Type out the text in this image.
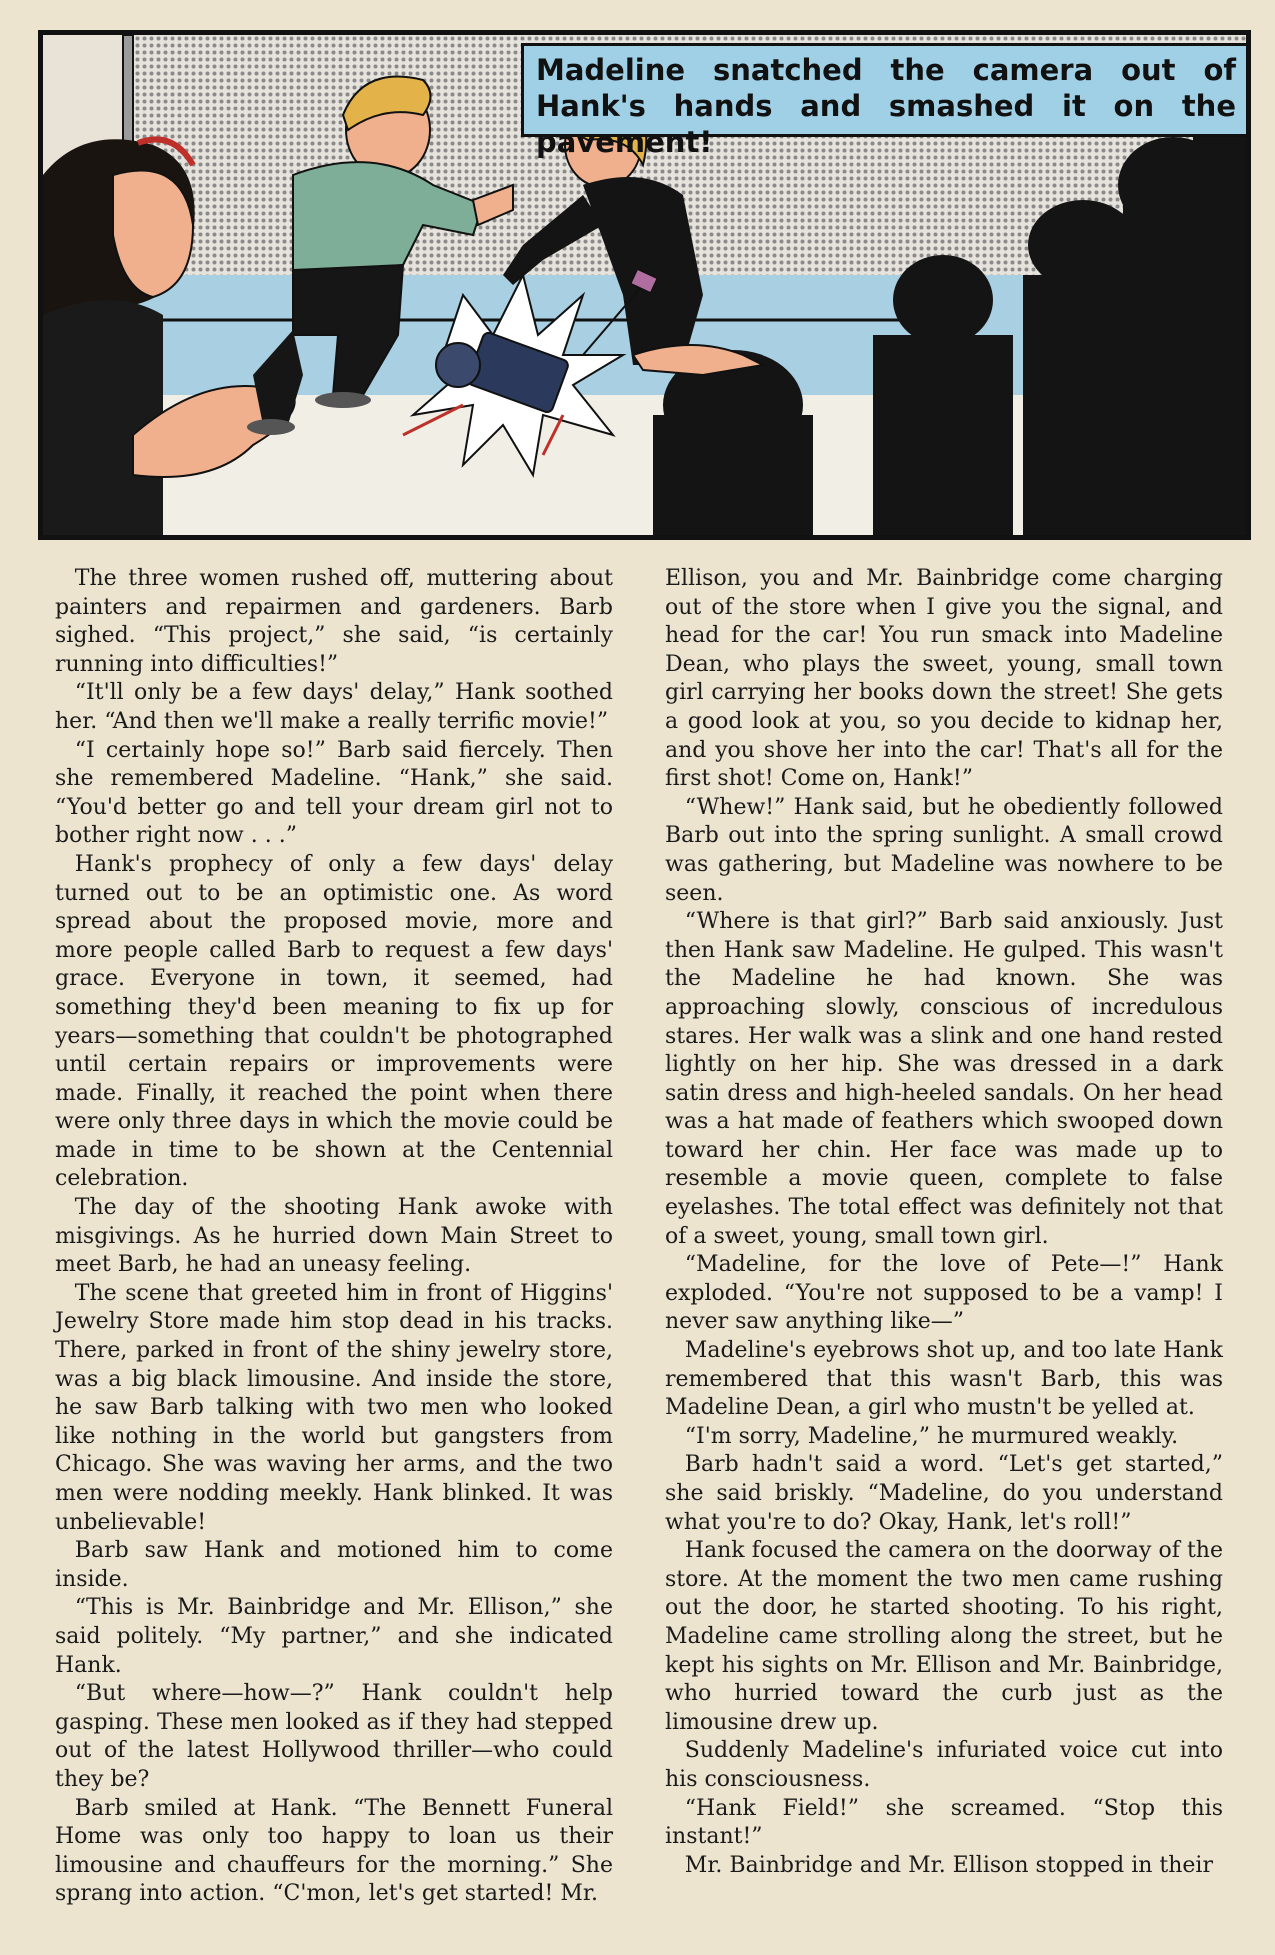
Madeline snatched the camera out of Hank's hands and smashed it on the pavement!

The three women rushed off, muttering about painters and repairmen and gardeners. Barb sighed. “This project,” she said, “is certainly running into difficulties!”

“It'll only be a few days' delay,” Hank soothed her. “And then we'll make a really terrific movie!”

“I certainly hope so!” Barb said fiercely. Then she remembered Madeline. “Hank,” she said. “You'd better go and tell your dream girl not to bother right now . . .”

Hank's prophecy of only a few days' delay turned out to be an optimistic one. As word spread about the proposed movie, more and more people called Barb to request a few days' grace. Everyone in town, it seemed, had something they'd been meaning to fix up for years—something that couldn't be photographed until certain repairs or improvements were made. Finally, it reached the point when there were only three days in which the movie could be made in time to be shown at the Centennial celebration.

The day of the shooting Hank awoke with misgivings. As he hurried down Main Street to meet Barb, he had an uneasy feeling.

The scene that greeted him in front of Higgins' Jewelry Store made him stop dead in his tracks. There, parked in front of the shiny jewelry store, was a big black limousine. And inside the store, he saw Barb talking with two men who looked like nothing in the world but gangsters from Chicago. She was waving her arms, and the two men were nodding meekly. Hank blinked. It was unbelievable!

Barb saw Hank and motioned him to come inside.

“This is Mr. Bainbridge and Mr. Ellison,” she said politely. “My partner,” and she indicated Hank.

“But where—how—?” Hank couldn't help gasping. These men looked as if they had stepped out of the latest Hollywood thriller—who could they be?

Barb smiled at Hank. “The Bennett Funeral Home was only too happy to loan us their limousine and chauffeurs for the morning.” She sprang into action. “C'mon, let's get started! Mr.

Ellison, you and Mr. Bainbridge come charging out of the store when I give you the signal, and head for the car! You run smack into Madeline Dean, who plays the sweet, young, small town girl carrying her books down the street! She gets a good look at you, so you decide to kidnap her, and you shove her into the car! That's all for the first shot! Come on, Hank!”

“Whew!” Hank said, but he obediently followed Barb out into the spring sunlight. A small crowd was gathering, but Madeline was nowhere to be seen.

“Where is that girl?” Barb said anxiously. Just then Hank saw Madeline. He gulped. This wasn't the Madeline he had known. She was approaching slowly, conscious of incredulous stares. Her walk was a slink and one hand rested lightly on her hip. She was dressed in a dark satin dress and high-heeled sandals. On her head was a hat made of feathers which swooped down toward her chin. Her face was made up to resemble a movie queen, complete to false eyelashes. The total effect was definitely not that of a sweet, young, small town girl.

“Madeline, for the love of Pete—!” Hank exploded. “You're not supposed to be a vamp! I never saw anything like—”

Madeline's eyebrows shot up, and too late Hank remembered that this wasn't Barb, this was Madeline Dean, a girl who mustn't be yelled at.

“I'm sorry, Madeline,” he murmured weakly.

Barb hadn't said a word. “Let's get started,” she said briskly. “Madeline, do you understand what you're to do? Okay, Hank, let's roll!”

Hank focused the camera on the doorway of the store. At the moment the two men came rushing out the door, he started shooting. To his right, Madeline came strolling along the street, but he kept his sights on Mr. Ellison and Mr. Bainbridge, who hurried toward the curb just as the limousine drew up.

Suddenly Madeline's infuriated voice cut into his consciousness.

“Hank Field!” she screamed. “Stop this instant!”

Mr. Bainbridge and Mr. Ellison stopped in their
